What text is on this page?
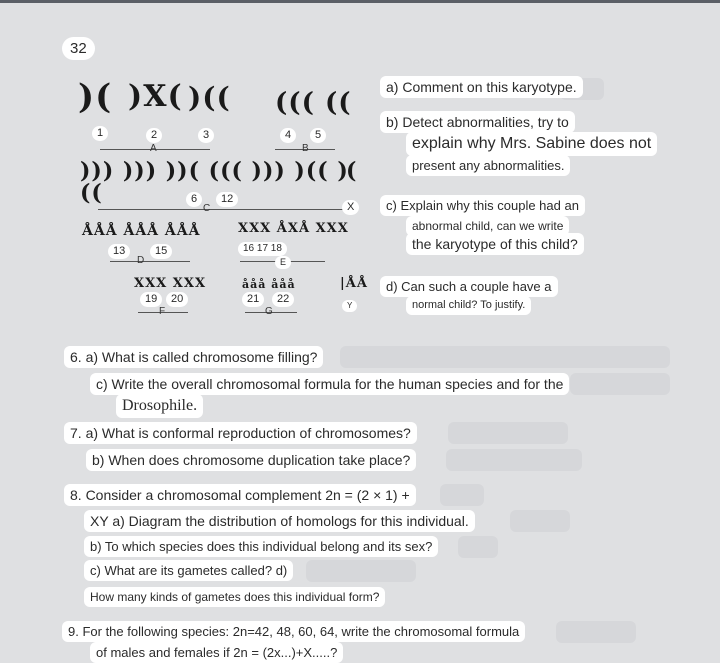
32
)( )X( )(( ((( ((
1	2	3	4	5
A	B
))) ))) ))( ((( ))) )(( )((
(
6	12
C	X
ÅÅÅ ÅÅÅ ÅÅÅ	XXX ÅXÅ XXX
13	15	16 17 18
D	E
XXX XXX	ååå ååå	|ÅÅ
19	20	21	22
F	G
Y
a) Comment on this karyotype.
b) Detect abnormalities, try to
explain why Mrs. Sabine does not
present any abnormalities.
c) Explain why this couple had an
abnormal child, can we write
the karyotype of this child?
d) Can such a couple have a
normal child? To justify.
6. a) What is called chromosome filling?
c) Write the overall chromosomal formula for the human species and for the
Drosophile.
7. a) What is conformal reproduction of chromosomes?
b) When does chromosome duplication take place?
8. Consider a chromosomal complement 2n = (2 × 1) +
XY a) Diagram the distribution of homologs for this individual.
b) To which species does this individual belong and its sex?
c) What are its gametes called? d)
How many kinds of gametes does this individual form?
9. For the following species: 2n=42, 48, 60, 64, write the chromosomal formula
of males and females if 2n = (2x...)+X.....?
